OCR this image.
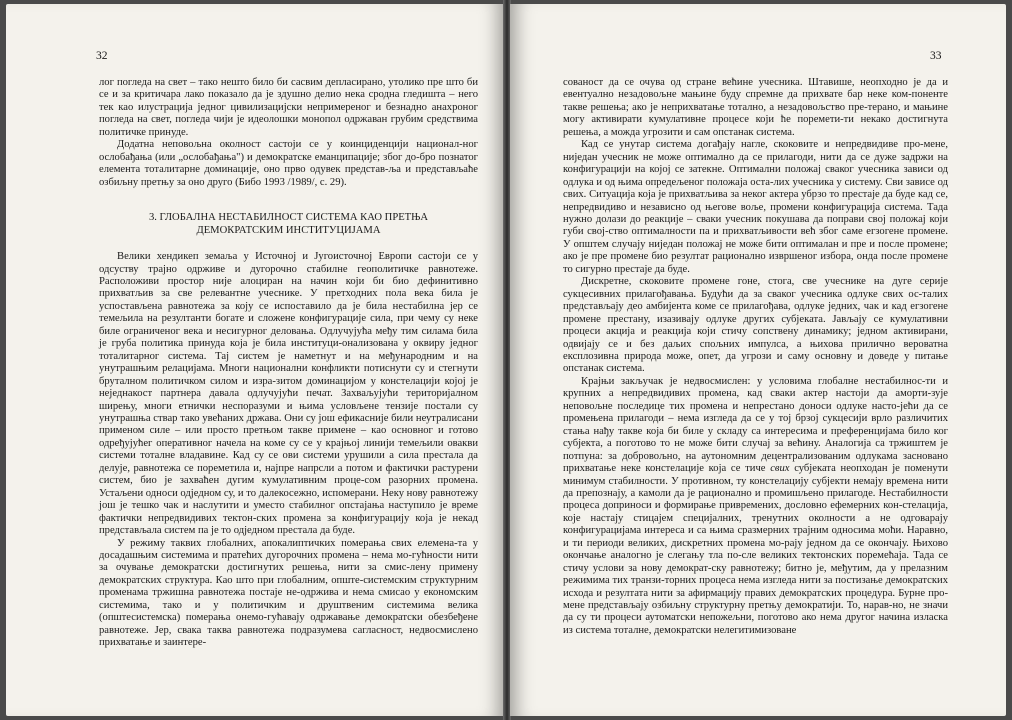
32

лог погледа на свет – тако нешто било би сасвим депласирано, утолико пре што би се и за критичара лако показало да је здушно делио нека сродна гледишта – него тек као илустрација једног цивилизацијски непримереног и безнадно анахроног погледа на свет, погледа чији је идеолошки монопол одржаван грубим средствима политичке принуде.

Додатна неповољна околност састоји се у коинциденцији национал-ног ослобађања (или „ослобађања") и демократске еманципације; због до-бро познатог елемента тоталитарне доминације, оно прво одувек представ-ља и представљаће озбиљну претњу за оно друго (Бибо 1993 /1989/, с. 29).

3. ГЛОБАЛНА НЕСТАБИЛНОСТ СИСТЕМА КАО ПРЕТЊА
ДЕМОКРАТСКИМ ИНСТИТУЦИЈАМА

Велики хендикеп земаља у Источној и Југоисточној Европи састоји се у одсуству трајно одрживе и дугорочно стабилне геополитичке равнотеже. Расположиви простор није алоциран на начин који би био дефинитивно прихватљив за све релевантне учеснике. У претходних пола века била је успостављена равнотежа за коју се испоставило да је била нестабилна јер се темељила на резултанти богате и сложене конфигурације сила, при чему су неке биле ограниченог века и несигурног деловања. Одлучујућа међу тим силама била је груба политика принуда која је била институци-онализована у оквиру једног тоталитарног система. Тај систем је наметнут и на међународним и на унутрашњим релацијама. Многи национални конфликти потиснути су и стегнути бруталном политичком силом и изра-зитом доминацијом у констелацији којој је неједнакост партнера давала одлучујући печат. Захваљујући територијалном ширењу, многи етнички неспоразуми и њима условљене тензије постали су унутрашња ствар тако увећаних држава. Они су још ефикасније били неутралисани применом силе – или просто претњом такве примене – као основног и готово одређујућег оперативног начела на коме су се у крајњој линији темељили овакви системи тоталне владавине. Кад су се ови системи урушили а сила престала да делује, равнотежа се пореметила и, најпре напрсли а потом и фактички растурени систем, био је захваћен дугим кумулативним проце-сом разорних промена. Устаљени односи одједном су, и то далекосежно, испомерани. Неку нову равнотежу још је тешко чак и наслутити и уместо стабилног опстајања наступило је време фактички непредвидивих тектон-ских промена за конфигурацију која је некад представљала систем па је то одједном престала да буде.

У режиму таквих глобалних, апокалиптичких померања свих елемена-та у досадашњим системима и пратећих дугорочних промена – нема мо-гућности нити за очување демократски достигнутих решења, нити за смис-лену примену демократских структура. Као што при глобалним, опште-системским структурним променама тржишна равнотежа постаје не-одржива и нема смисао у економским системима, тако и у политичким и друштвеним системима велика (општесистемска) померања онемо-гућавају одржавање демократски обезбеђене равнотеже. Јер, свака таква равнотежа подразумева сагласност, недвосмислено прихватање и заинтере-

33

сованост да се очува од стране већине учесника. Штавише, неопходно је да и евентуално незадовољне мањине буду спремне да прихвате бар неке ком-поненте такве решења; ако је неприхватање тотално, а незадовољство пре-терано, и мањине могу активирати кумулативне процесе који ће поремети-ти некако достигнута решења, а можда угрозити и сам опстанак система.

Кад се унутар система догађају нагле, скоковите и непредвидиве про-мене, ниједан учесник не може оптимално да се прилагоди, нити да се дуже задржи на конфигурацији на којој се затекне. Оптимални положај сваког учесника зависи од одлука и од њима опредељеног положаја оста-лих учесника у систему. Сви зависе од свих. Ситуација која је прихватљива за неког актера убрзо то престаје да буде кад се, непредвидиво и независно од његове воље, промени конфигурација система. Тада нужно долази до реакције – сваки учесник покушава да поправи свој положај који губи свој-ство оптималности па и прихватљивости већ због саме егзогене промене. У општем случају ниједан положај не може бити оптималан и пре и после промене; ако је пре промене био резултат рационално извршеног избора, онда после промене то сигурно престаје да буде.

Дискретне, скоковите промене гоне, стога, све учеснике на дуге серије сукцесивних прилагођавања. Будући да за сваког учесника одлуке свих ос-талих представљају део амбијента коме се прилагођава, одлуке једних, чак и кад егзогене промене престану, изазивају одлуке других субјеката. Јављају се кумулативни процеси акција и реакција који стичу сопствену динамику; једном активирани, одвијају се и без даљих спољних импулса, а њихова прилично вероватна експлозивна природа може, опет, да угрози и саму основну и доведе у питање опстанак система.

Крајњи закључак је недвосмислен: у условима глобалне нестабилнос-ти и крупних а непредвидивих промена, кад сваки актер настоји да аморти-зује неповољне последице тих промена и непрестано доноси одлуке насто-јећи да се промењена прилагоди – нема изгледа да се у тој брзој сукцесији врло различитих стања нађу такве која би биле у складу са интересима и преференцијама било ког субјекта, а поготово то не може бити случај за већину. Аналогија са тржиштем је потпуна: за добровољно, на аутономним децентрализованим одлукама засновано прихватање неке констелације која се тиче свих субјеката неопходан је поменути минимум стабилности. У противном, ту констелацију субјекти немају времена нити да препознају, а камоли да је рационално и промишљено прилагоде. Нестабилности процеса доприноси и формирање привремених, дословно ефемерних кон-стелација, које настају стицајем специјалних, тренутних околности а не одговарају конфигурацијама интереса и са њима сразмерних трајним односима моћи. Наравно, и ти периоди великих, дискретних промена мо-рају једном да се окончају. Њихово окончање аналогно је слегању тла по-сле великих тектонских поремећаја. Тада се стичу услови за нову демократ-ску равнотежу; битно је, међутим, да у прелазним режимима тих транзи-торних процеса нема изгледа нити за постизање демократских исхода и резултата нити за афирмацију правих демократских процедура. Бурне про-мене представљају озбиљну структурну претњу демократији. То, нарав-но, не значи да су ти процеси аутоматски непожељни, поготово ако нема другог начина изласка из система тоталне, демократски нелегитимизоване
